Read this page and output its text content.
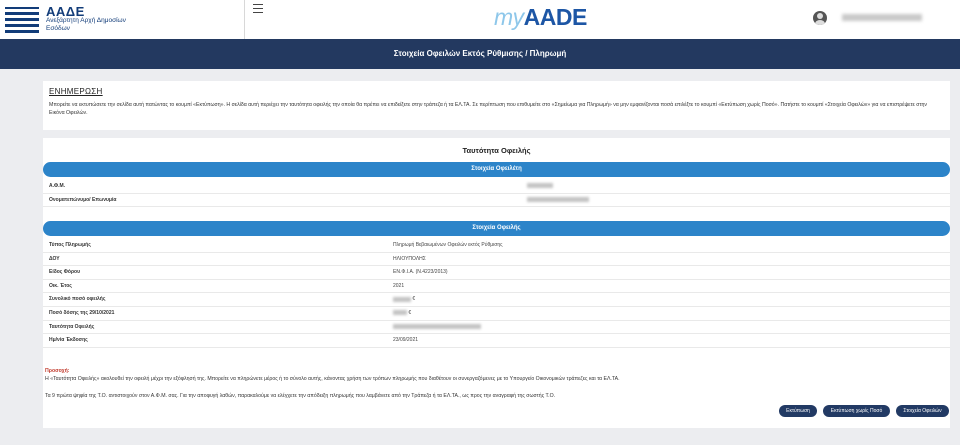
ΑΑΔΕ
Ανεξάρτητη Αρχή Δημοσίων Εσόδων	myAADE
Στοιχεία Οφειλών Εκτός Ρύθμισης / Πληρωμή
ΕΝΗΜΕΡΩΣΗ
Μπορείτε να εκτυπώσετε την σελίδα αυτή πατώντας το κουμπί «Εκτύπωση». Η σελίδα αυτή περιέχει την ταυτότητα οφειλής την οποία θα πρέπει να επιδείξετε στην τράπεζα ή τα ΕΛ.ΤΑ. Σε περίπτωση που επιθυμείτε στο «Σημείωμα για Πληρωμή» να μην εμφανίζονται ποσά επιλέξτε το κουμπί «Εκτύπωση χωρίς Ποσό». Πατήστε το κουμπί «Στοιχεία Οφειλών» για να επιστρέψετε στην Εικόνα Οφειλών.
Ταυτότητα Οφειλής
Στοιχεία Οφειλέτη
Α.Φ.Μ.
Ονοματεπώνυμο/ Επωνυμία
Στοιχεία Οφειλής
Τύπος Πληρωμής	Πληρωμή Βεβαιωμένων Οφειλών εκτός Ρύθμισης
ΔΟΥ	ΗΛΙΟΥΠΟΛΗΣ
Είδος Φόρου	ΕΝ.Φ.Ι.Α. (Ν.4223/2013)
Οικ. Έτος	2021
Συνολικό ποσό οφειλής	€
Ποσό δόσης της 29/10/2021	€
Ταυτότητα Οφειλής
Ημ/νία Έκδοσης	23/09/2021
Προσοχή:
Η «Ταυτότητα Οφειλής» ακολουθεί την οφειλή μέχρι την εξόφλησή της. Μπορείτε να πληρώνετε μέρος ή το σύνολο αυτής, κάνοντας χρήση των τρόπων πληρωμής που διαθέτουν οι συνεργαζόμενες με το Υπουργείο Οικονομικών τράπεζες και τα ΕΛ.ΤΑ.
Τα 9 πρώτα ψηφία της Τ.Ο. αντιστοιχούν στον Α.Φ.Μ. σας. Για την αποφυγή λαθών, παρακαλούμε να ελέγχετε την απόδειξη πληρωμής που λαμβάνετε από την Τράπεζα ή τα ΕΛ.ΤΑ., ως προς την αναγραφή της σωστής Τ.Ο.
Εκτύπωση	Εκτύπωση χωρίς Ποσό	Στοιχεία Οφειλών
